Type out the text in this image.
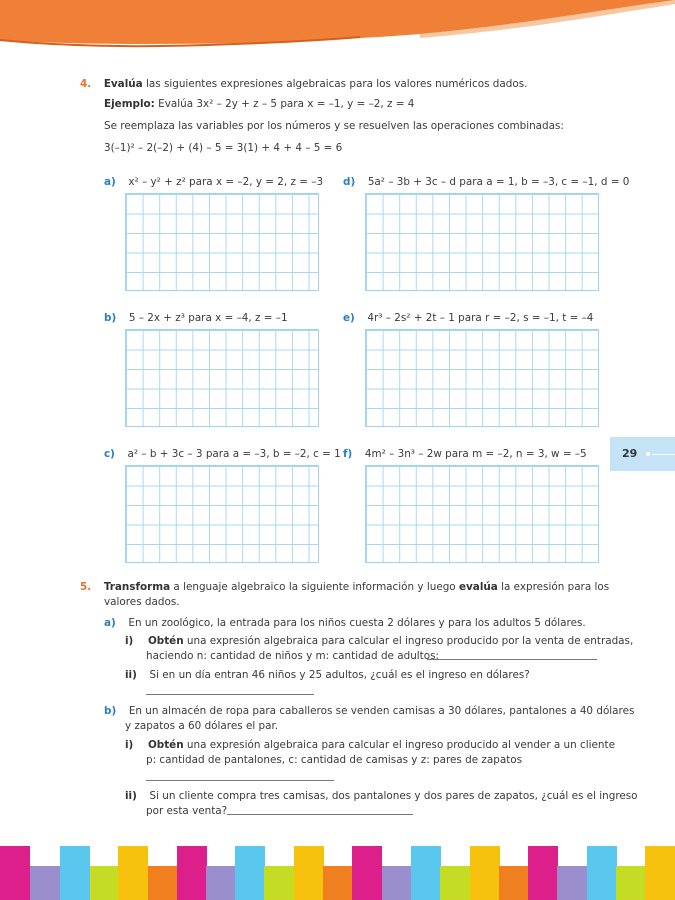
4. Evalúa las siguientes expresiones algebraicas para los valores numéricos dados.
Ejemplo: Evalúa 3x² – 2y + z – 5 para x = –1, y = –2, z = 4
Se reemplaza las variables por los números y se resuelven las operaciones combinadas:
3(–1)² – 2(–2) + (4) – 5 = 3(1) + 4 + 4 – 5 = 6
a) x² – y² + z² para x = –2, y = 2, z = –3 d) 5a² – 3b + 3c – d para a = 1, b = –3, c = –1, d = 0
b) 5 – 2x + z³ para x = –4, z = –1	e) 4r³ – 2s² + 2t – 1 para r = –2, s = –1, t = –4
c) a² – b + 3c – 3 para a = –3, b = –2, c = 1 f) 4m² – 3n³ – 2w para m = –2, n = 3, w = –5	29
5. Transforma a lenguaje algebraico la siguiente información y luego evalúa la expresión para los
valores dados.
a) En un zoológico, la entrada para los niños cuesta 2 dólares y para los adultos 5 dólares.
i) Obtén una expresión algebraica para calcular el ingreso producido por la venta de entradas,
haciendo n: cantidad de niños y m: cantidad de adultos:
ii) Si en un día entran 46 niños y 25 adultos, ¿cuál es el ingreso en dólares?
b) En un almacén de ropa para caballeros se venden camisas a 30 dólares, pantalones a 40 dólares
y zapatos a 60 dólares el par.
i) Obtén una expresión algebraica para calcular el ingreso producido al vender a un cliente
p: cantidad de pantalones, c: cantidad de camisas y z: pares de zapatos
ii) Si un cliente compra tres camisas, dos pantalones y dos pares de zapatos, ¿cuál es el ingreso
por esta venta?
